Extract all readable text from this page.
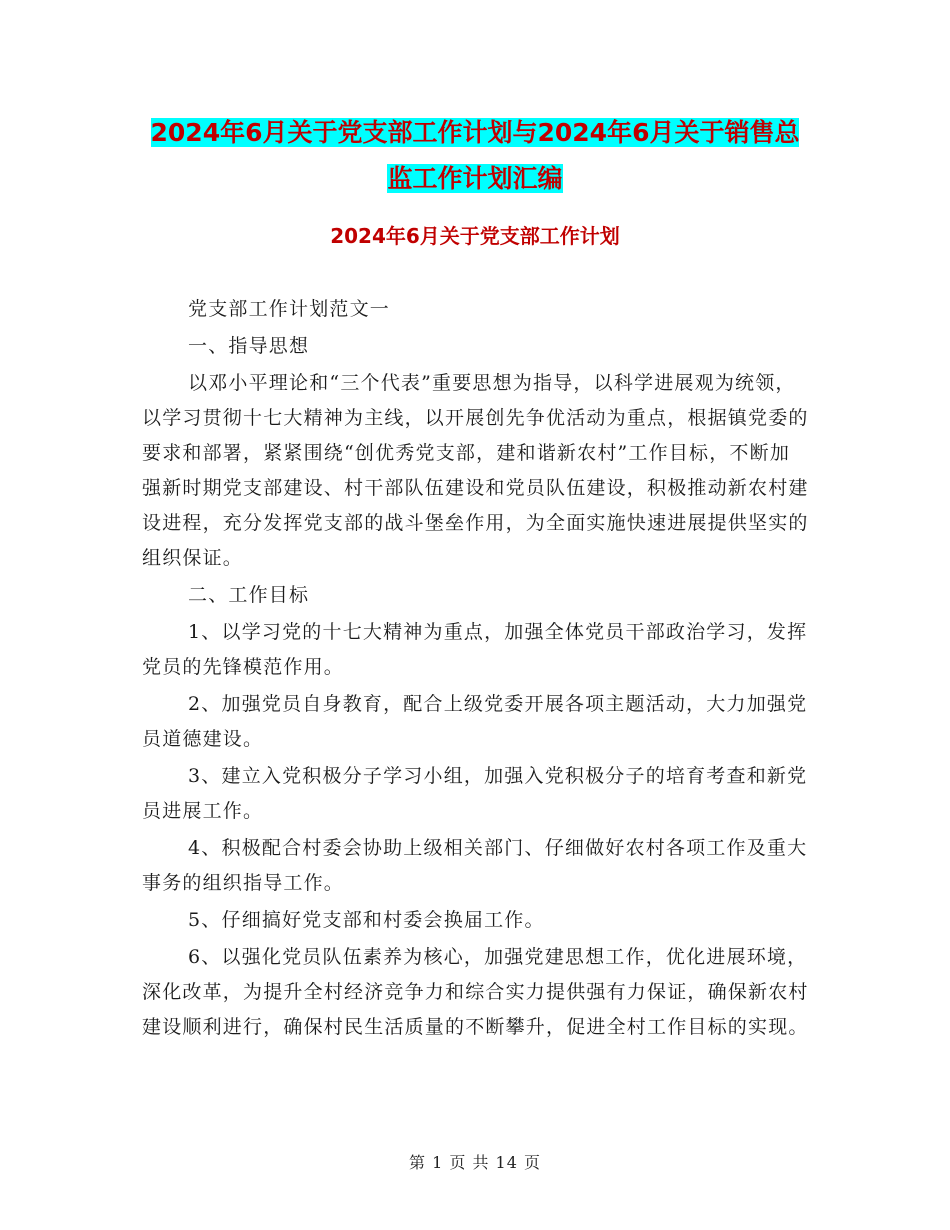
2024年6月关于党支部工作计划与2024年6月关于销售总监工作计划汇编
2024年6月关于党支部工作计划

党支部工作计划范文一

一、指导思想

以邓小平理论和“三个代表”重要思想为指导，以科学进展观为统领，以学习贯彻十七大精神为主线，以开展创先争优活动为重点，根据镇党委的要求和部署，紧紧围绕“创优秀党支部，建和谐新农村”工作目标，不断加强新时期党支部建设、村干部队伍建设和党员队伍建设，积极推动新农村建设进程，充分发挥党支部的战斗堡垒作用，为全面实施快速进展提供坚实的组织保证。

二、工作目标

1、以学习党的十七大精神为重点，加强全体党员干部政治学习，发挥党员的先锋模范作用。

2、加强党员自身教育，配合上级党委开展各项主题活动，大力加强党员道德建设。

3、建立入党积极分子学习小组，加强入党积极分子的培育考查和新党员进展工作。

4、积极配合村委会协助上级相关部门、仔细做好农村各项工作及重大事务的组织指导工作。

5、仔细搞好党支部和村委会换届工作。

6、以强化党员队伍素养为核心，加强党建思想工作，优化进展环境，深化改革，为提升全村经济竞争力和综合实力提供强有力保证，确保新农村建设顺利进行，确保村民生活质量的不断攀升，促进全村工作目标的实现。

第 1 页 共 14 页
